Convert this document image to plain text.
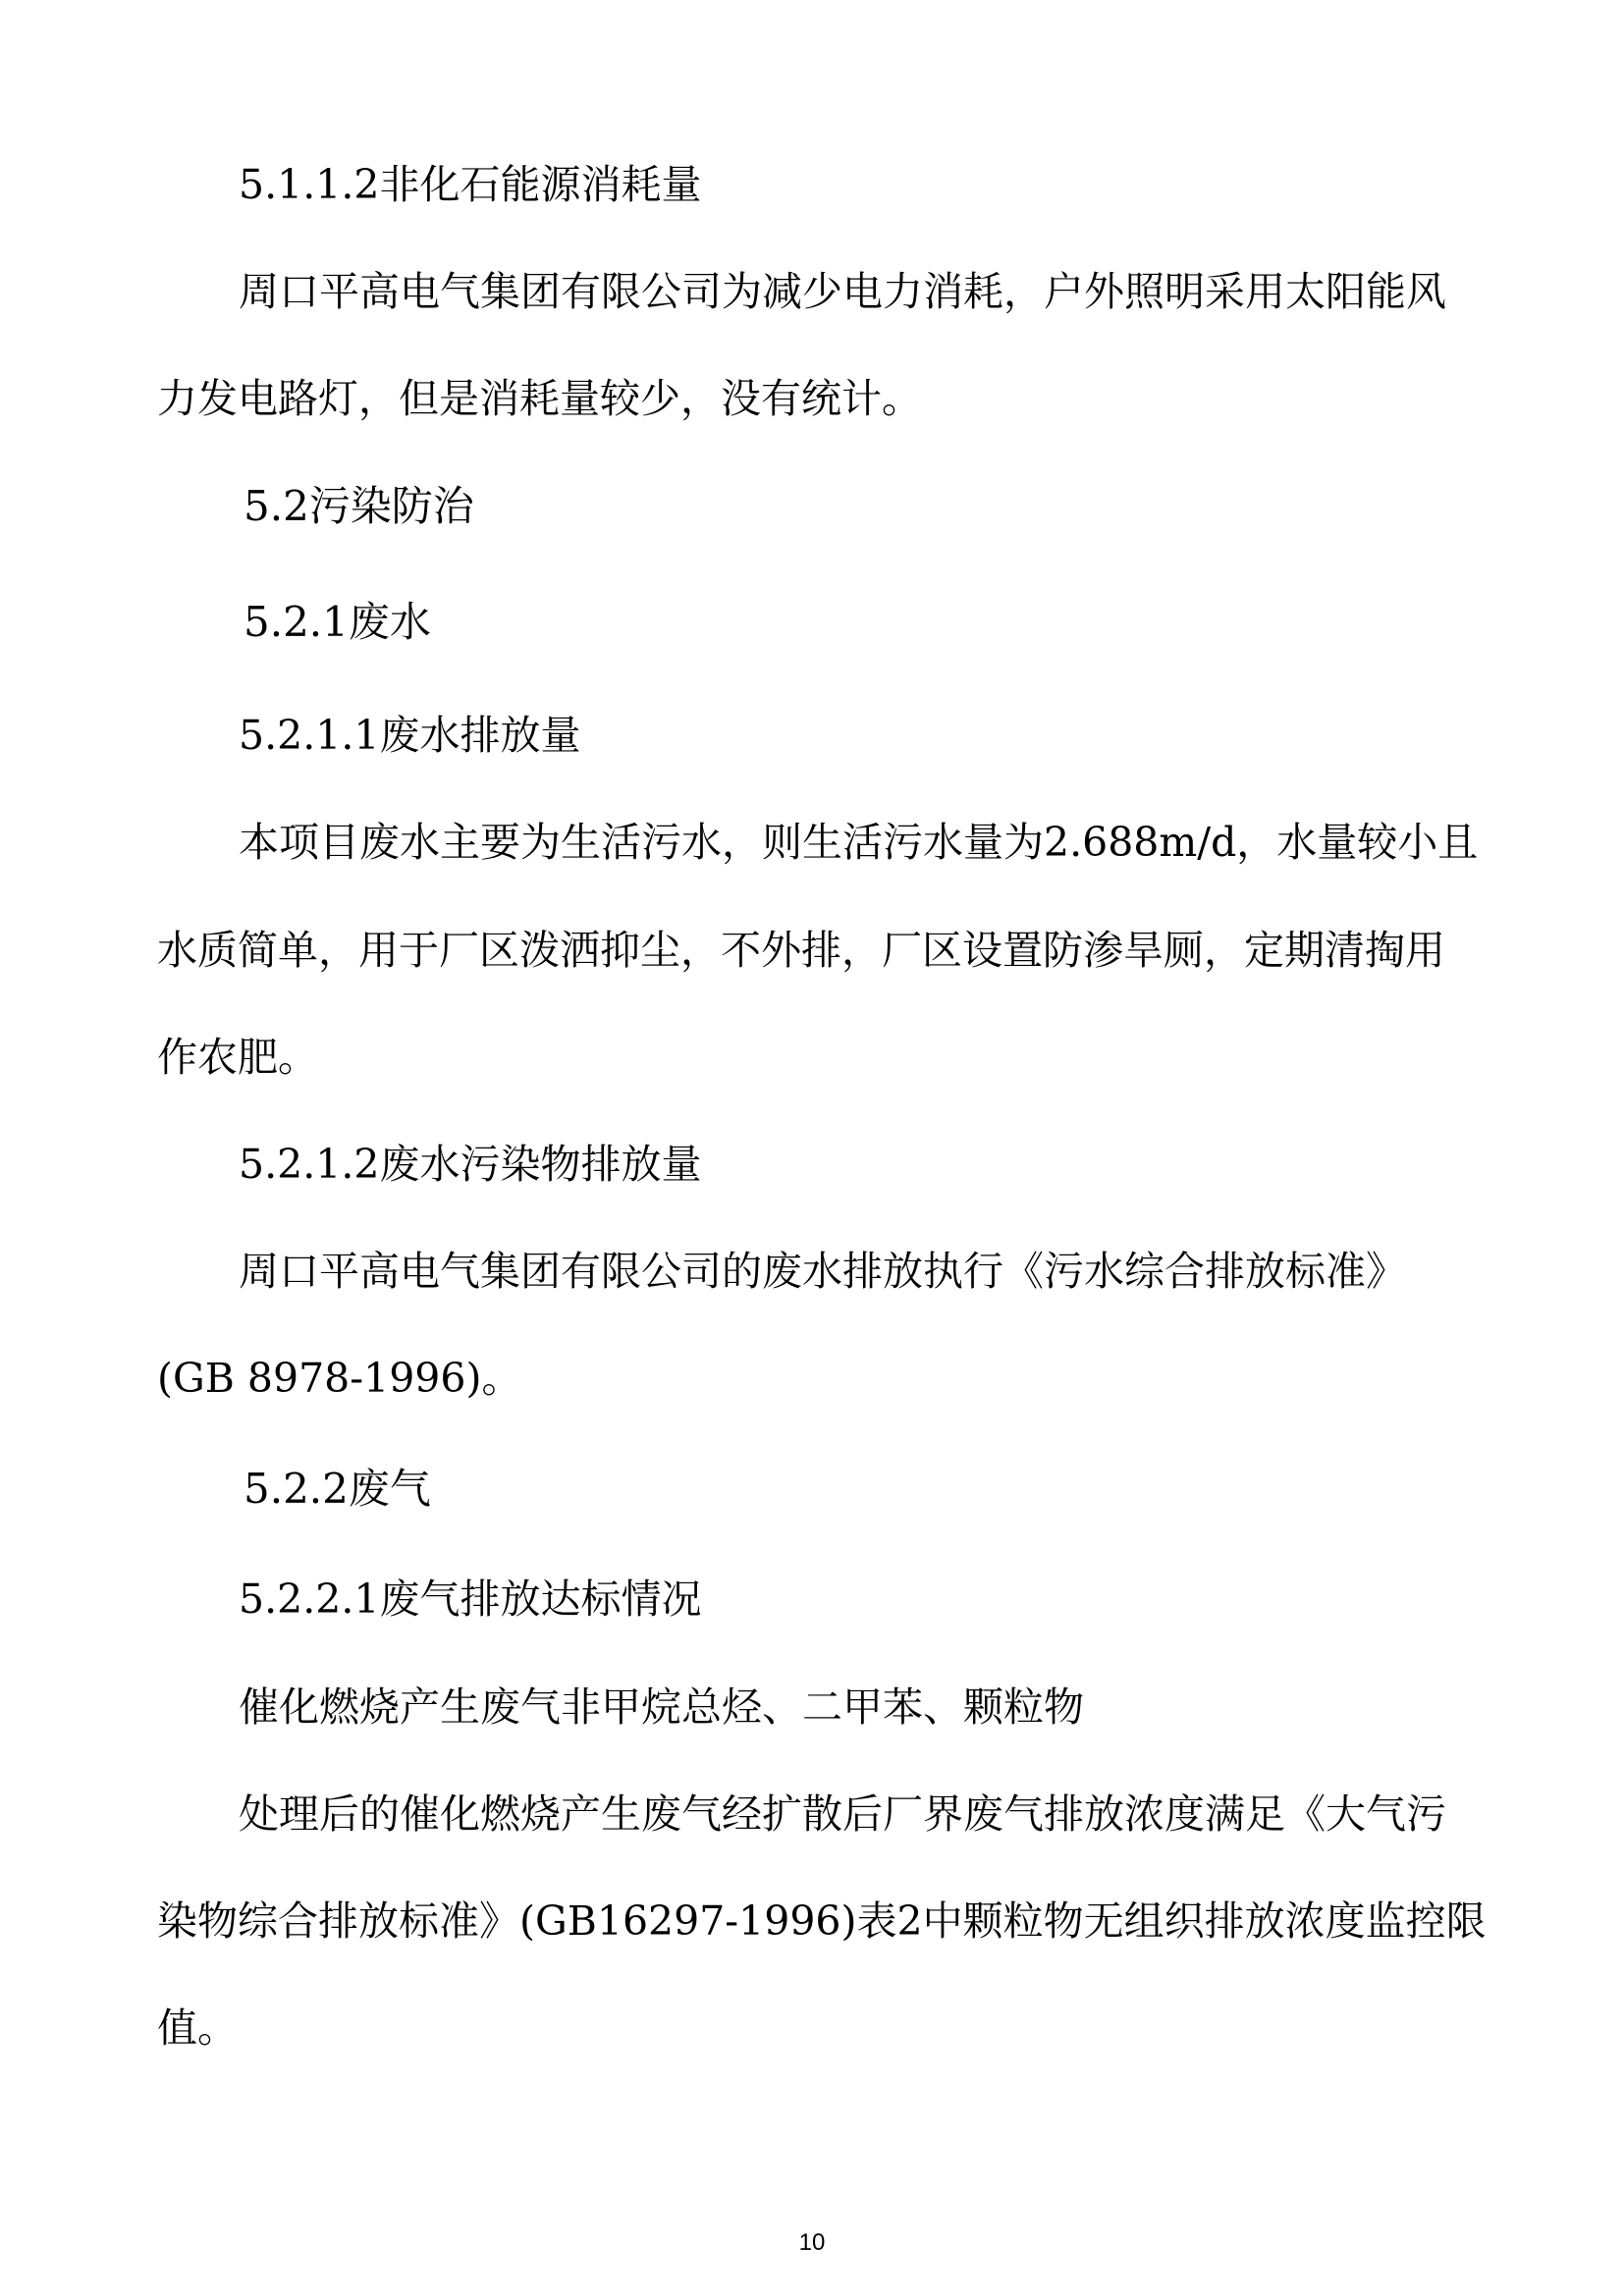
5.1.1.2非化石能源消耗量

周口平高电气集团有限公司为减少电力消耗，户外照明采用太阳能风

力发电路灯，但是消耗量较少，没有统计。

5.2污染防治

5.2.1废水

5.2.1.1废水排放量

本项目废水主要为生活污水，则生活污水量为2.688m/d，水量较小且

水质简单，用于厂区泼洒抑尘，不外排，厂区设置防渗旱厕，定期清掏用

作农肥。

5.2.1.2废水污染物排放量

周口平高电气集团有限公司的废水排放执行《污水综合排放标准》

(GB 8978-1996)。

5.2.2废气

5.2.2.1废气排放达标情况

催化燃烧产生废气非甲烷总烃、二甲苯、颗粒物

处理后的催化燃烧产生废气经扩散后厂界废气排放浓度满足《大气污

染物综合排放标准》(GB16297-1996)表2中颗粒物无组织排放浓度监控限

值。

10
